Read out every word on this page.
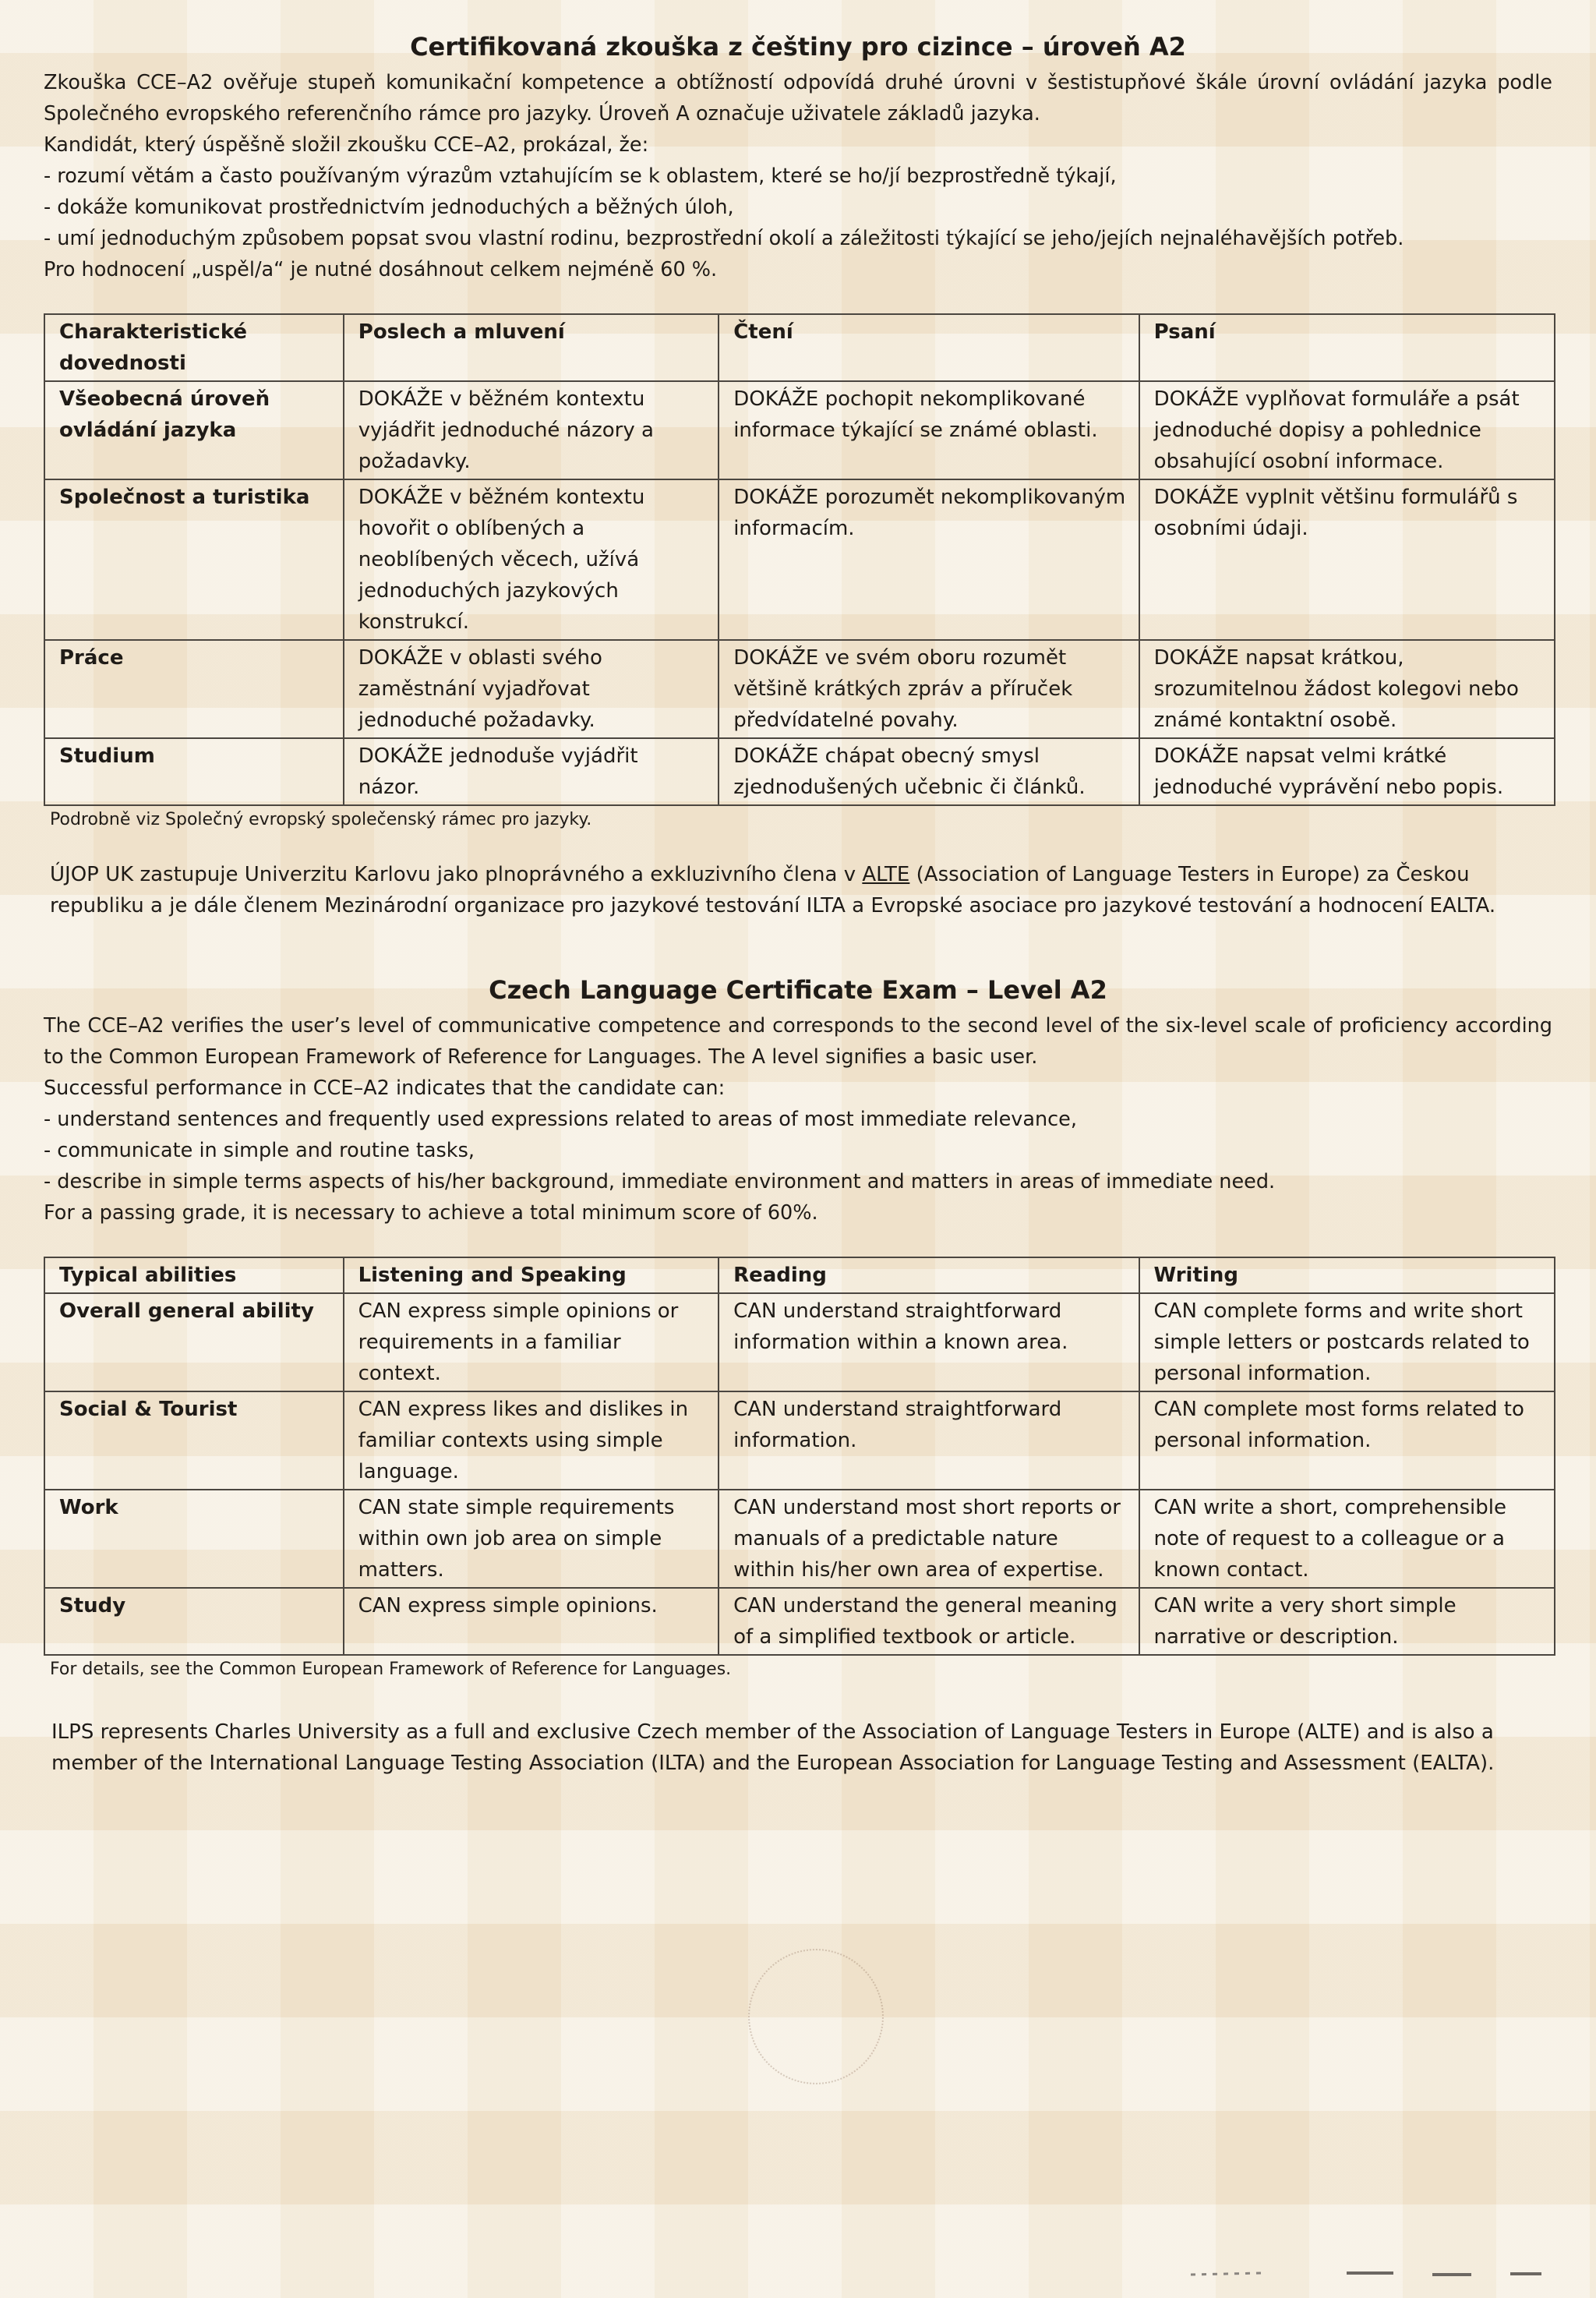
Certifikovaná zkouška z češtiny pro cizince – úroveň A2

Zkouška CCE–A2 ověřuje stupeň komunikační kompetence a obtížností odpovídá druhé úrovni v šestistupňové škále úrovní ovládání jazyka podle Společného evropského referenčního rámce pro jazyky. Úroveň A označuje uživatele základů jazyka.

Kandidát, který úspěšně složil zkoušku CCE–A2, prokázal, že:

- rozumí větám a často používaným výrazům vztahujícím se k oblastem, které se ho/jí bezprostředně týkají,

- dokáže komunikovat prostřednictvím jednoduchých a běžných úloh,

- umí jednoduchým způsobem popsat svou vlastní rodinu, bezprostřední okolí a záležitosti týkající se jeho/jejích nejnaléhavějších potřeb.

Pro hodnocení „uspěl/a“ je nutné dosáhnout celkem nejméně 60 %.

Charakteristické dovednosti	Poslech a mluvení	Čtení	Psaní
Všeobecná úroveň ovládání jazyka	DOKÁŽE v běžném kontextu vyjádřit jednoduché názory a požadavky.	DOKÁŽE pochopit nekomplikované informace týkající se známé oblasti.	DOKÁŽE vyplňovat formuláře a psát jednoduché dopisy a pohlednice obsahující osobní informace.
Společnost a turistika	DOKÁŽE v běžném kontextu hovořit o oblíbených a neoblíbených věcech, užívá jednoduchých jazykových konstrukcí.	DOKÁŽE porozumět nekomplikovaným informacím.	DOKÁŽE vyplnit většinu formulářů s osobními údaji.
Práce	DOKÁŽE v oblasti svého zaměstnání vyjadřovat jednoduché požadavky.	DOKÁŽE ve svém oboru rozumět většině krátkých zpráv a příruček předvídatelné povahy.	DOKÁŽE napsat krátkou, srozumitelnou žádost kolegovi nebo známé kontaktní osobě.
Studium	DOKÁŽE jednoduše vyjádřit názor.	DOKÁŽE chápat obecný smysl zjednodušených učebnic či článků.	DOKÁŽE napsat velmi krátké jednoduché vyprávění nebo popis.
Podrobně viz Společný evropský společenský rámec pro jazyky.

ÚJOP UK zastupuje Univerzitu Karlovu jako plnoprávného a exkluzivního člena v ALTE (Association of Language Testers in Europe) za Českou republiku a je dále členem Mezinárodní organizace pro jazykové testování ILTA a Evropské asociace pro jazykové testování a hodnocení EALTA.

Czech Language Certificate Exam – Level A2

The CCE–A2 verifies the user’s level of communicative competence and corresponds to the second level of the six-level scale of proficiency according to the Common European Framework of Reference for Languages. The A level signifies a basic user.

Successful performance in CCE–A2 indicates that the candidate can:

- understand sentences and frequently used expressions related to areas of most immediate relevance,

- communicate in simple and routine tasks,

- describe in simple terms aspects of his/her background, immediate environment and matters in areas of immediate need.

For a passing grade, it is necessary to achieve a total minimum score of 60%.

Typical abilities	Listening and Speaking	Reading	Writing
Overall general ability	CAN express simple opinions or requirements in a familiar context.	CAN understand straightforward information within a known area.	CAN complete forms and write short simple letters or postcards related to personal information.
Social & Tourist	CAN express likes and dislikes in familiar contexts using simple language.	CAN understand straightforward information.	CAN complete most forms related to personal information.
Work	CAN state simple requirements within own job area on simple matters.	CAN understand most short reports or manuals of a predictable nature within his/her own area of expertise.	CAN write a short, comprehensible note of request to a colleague or a known contact.
Study	CAN express simple opinions.	CAN understand the general meaning of a simplified textbook or article.	CAN write a very short simple narrative or description.
For details, see the Common European Framework of Reference for Languages.

ILPS represents Charles University as a full and exclusive Czech member of the Association of Language Testers in Europe (ALTE) and is also a member of the International Language Testing Association (ILTA) and the European Association for Language Testing and Assessment (EALTA).
